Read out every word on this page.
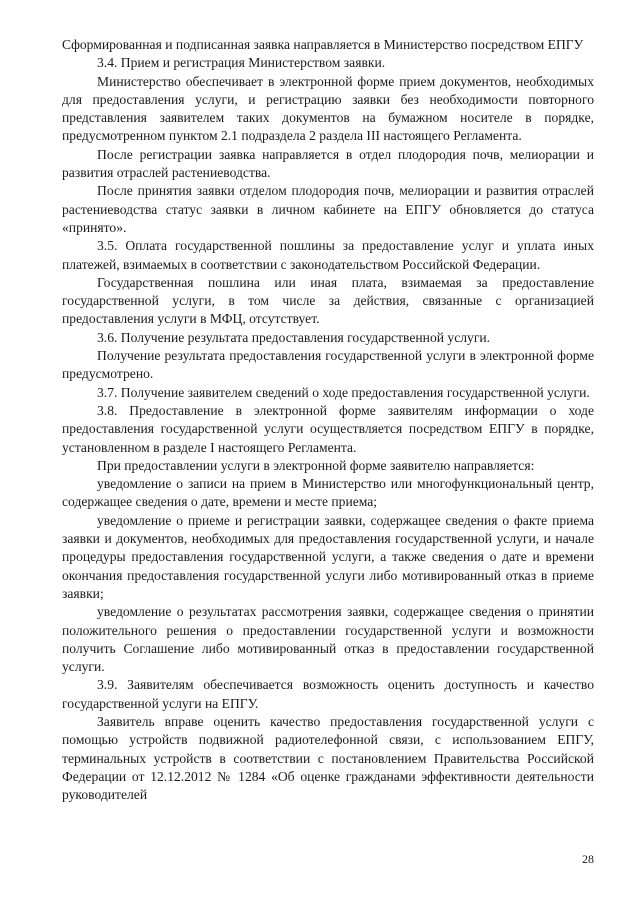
Сформированная и подписанная заявка направляется в Министерство посредством ЕПГУ

3.4. Прием и регистрация Министерством заявки.

Министерство обеспечивает в электронной форме прием документов, необходимых для предоставления услуги, и регистрацию заявки без необходимости повторного представления заявителем таких документов на бумажном носителе в порядке, предусмотренном пунктом 2.1 подраздела 2 раздела III настоящего Регламента.

После регистрации заявка направляется в отдел плодородия почв, мелиорации и развития отраслей растениеводства.

После принятия заявки отделом плодородия почв, мелиорации и развития отраслей растениеводства статус заявки в личном кабинете на ЕПГУ обновляется до статуса «принято».

3.5. Оплата государственной пошлины за предоставление услуг и уплата иных платежей, взимаемых в соответствии с законодательством Российской Федерации.

Государственная пошлина или иная плата, взимаемая за предоставление государственной услуги, в том числе за действия, связанные с организацией предоставления услуги в МФЦ, отсутствует.

3.6. Получение результата предоставления государственной услуги.

Получение результата предоставления государственной услуги в электронной форме предусмотрено.

3.7. Получение заявителем сведений о ходе предоставления государственной услуги.

3.8. Предоставление в электронной форме заявителям информации о ходе предоставления государственной услуги осуществляется посредством ЕПГУ в порядке, установленном в разделе I настоящего Регламента.

При предоставлении услуги в электронной форме заявителю направляется:

уведомление о записи на прием в Министерство или многофункциональный центр, содержащее сведения о дате, времени и месте приема;

уведомление о приеме и регистрации заявки, содержащее сведения о факте приема заявки и документов, необходимых для предоставления государственной услуги, и начале процедуры предоставления государственной услуги, а также сведения о дате и времени окончания предоставления государственной услуги либо мотивированный отказ в приеме заявки;

уведомление о результатах рассмотрения заявки, содержащее сведения о принятии положительного решения о предоставлении государственной услуги и возможности получить Соглашение либо мотивированный отказ в предоставлении государственной услуги.

3.9. Заявителям обеспечивается возможность оценить доступность и качество государственной услуги на ЕПГУ.

Заявитель вправе оценить качество предоставления государственной услуги с помощью устройств подвижной радиотелефонной связи, с использованием ЕПГУ, терминальных устройств в соответствии с постановлением Правительства Российской Федерации от 12.12.2012 № 1284 «Об оценке гражданами эффективности деятельности руководителей

28
